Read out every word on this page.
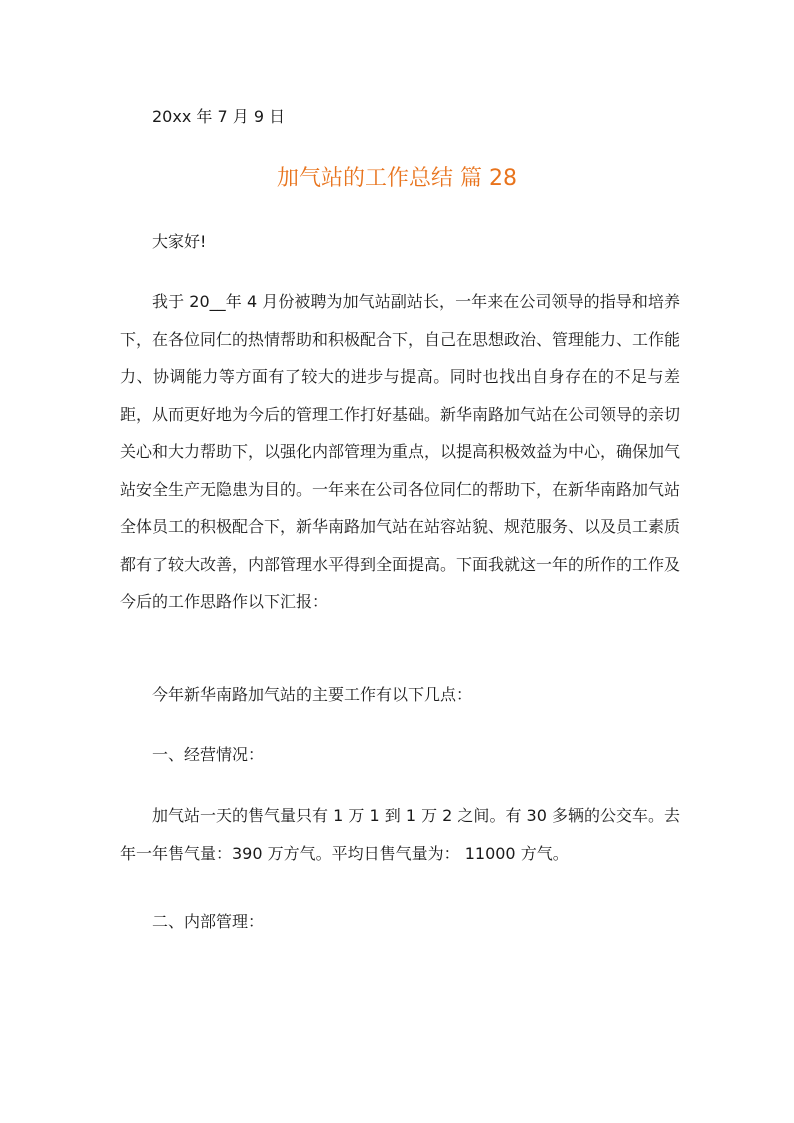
20xx 年 7 月 9 日
加气站的工作总结 篇 28
大家好!
我于 20__年 4 月份被聘为加气站副站长，一年来在公司领导的指导和培养下，在各位同仁的热情帮助和积极配合下，自己在思想政治、管理能力、工作能力、协调能力等方面有了较大的进步与提高。同时也找出自身存在的不足与差距，从而更好地为今后的管理工作打好基础。新华南路加气站在公司领导的亲切关心和大力帮助下，以强化内部管理为重点，以提高积极效益为中心，确保加气站安全生产无隐患为目的。一年来在公司各位同仁的帮助下，在新华南路加气站全体员工的积极配合下，新华南路加气站在站容站貌、规范服务、以及员工素质都有了较大改善，内部管理水平得到全面提高。下面我就这一年的所作的工作及今后的工作思路作以下汇报：
今年新华南路加气站的主要工作有以下几点：
一、经营情况：
加气站一天的售气量只有 1 万 1 到 1 万 2 之间。有 30 多辆的公交车。去年一年售气量：390 万方气。平均日售气量为： 11000 方气。
二、内部管理：
